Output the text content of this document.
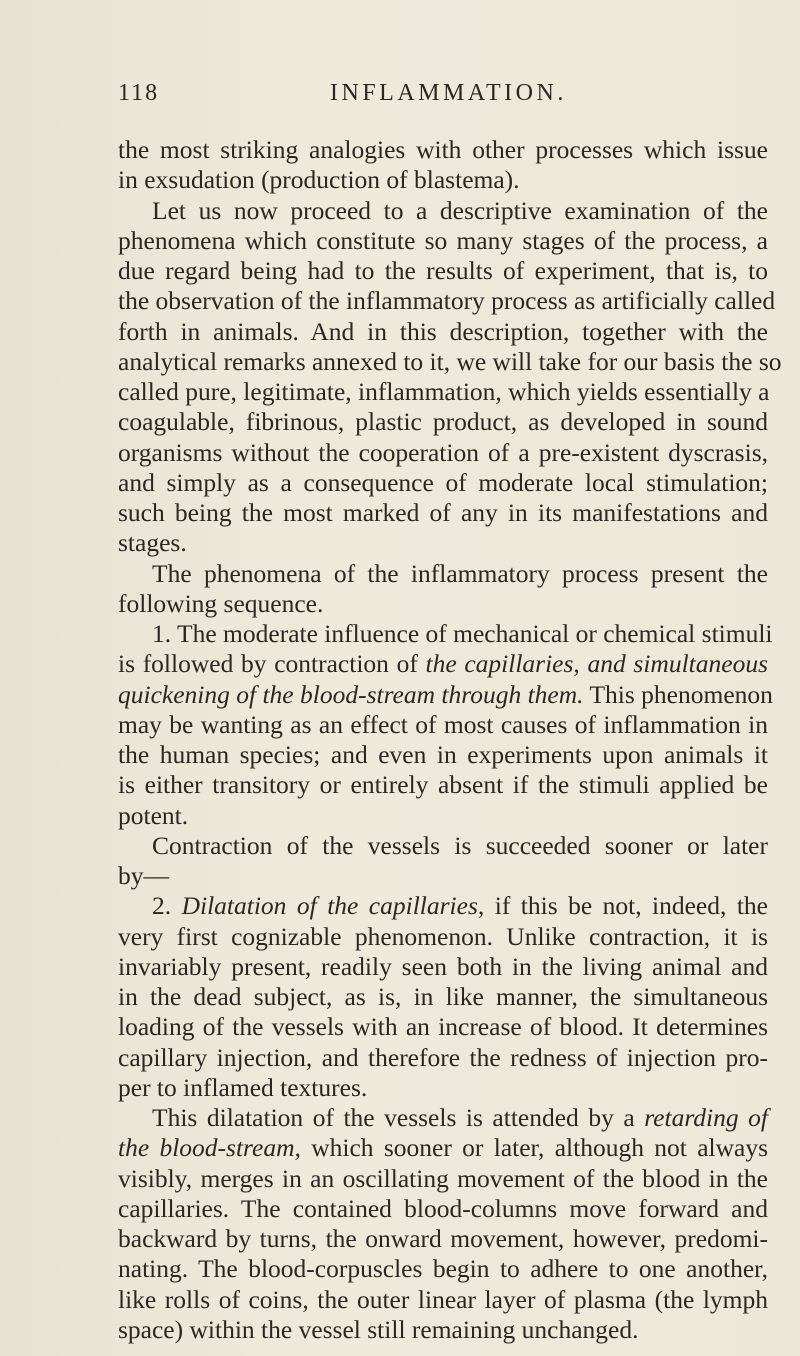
118	INFLAMMATION.
the most striking analogies with other processes which issue
in exsudation (production of blastema).
Let us now proceed to a descriptive examination of the
phenomena which constitute so many stages of the process, a
due regard being had to the results of experiment, that is, to
the observation of the inflammatory process as artificially called
forth in animals. And in this description, together with the
analytical remarks annexed to it, we will take for our basis the so
called pure, legitimate, inflammation, which yields essentially a
coagulable, fibrinous, plastic product, as developed in sound
organisms without the cooperation of a pre-existent dyscrasis,
and simply as a consequence of moderate local stimulation;
such being the most marked of any in its manifestations and
stages.
The phenomena of the inflammatory process present the
following sequence.
1. The moderate influence of mechanical or chemical stimuli
is followed by contraction of the capillaries, and simultaneous
quickening of the blood-stream through them. This phenomenon
may be wanting as an effect of most causes of inflammation in
the human species; and even in experiments upon animals it
is either transitory or entirely absent if the stimuli applied be
potent.
Contraction of the vessels is succeeded sooner or later
by—
2. Dilatation of the capillaries, if this be not, indeed, the
very first cognizable phenomenon. Unlike contraction, it is
invariably present, readily seen both in the living animal and
in the dead subject, as is, in like manner, the simultaneous
loading of the vessels with an increase of blood. It determines
capillary injection, and therefore the redness of injection pro-
per to inflamed textures.
This dilatation of the vessels is attended by a retarding of
the blood-stream, which sooner or later, although not always
visibly, merges in an oscillating movement of the blood in the
capillaries. The contained blood-columns move forward and
backward by turns, the onward movement, however, predomi-
nating. The blood-corpuscles begin to adhere to one another,
like rolls of coins, the outer linear layer of plasma (the lymph
space) within the vessel still remaining unchanged.
